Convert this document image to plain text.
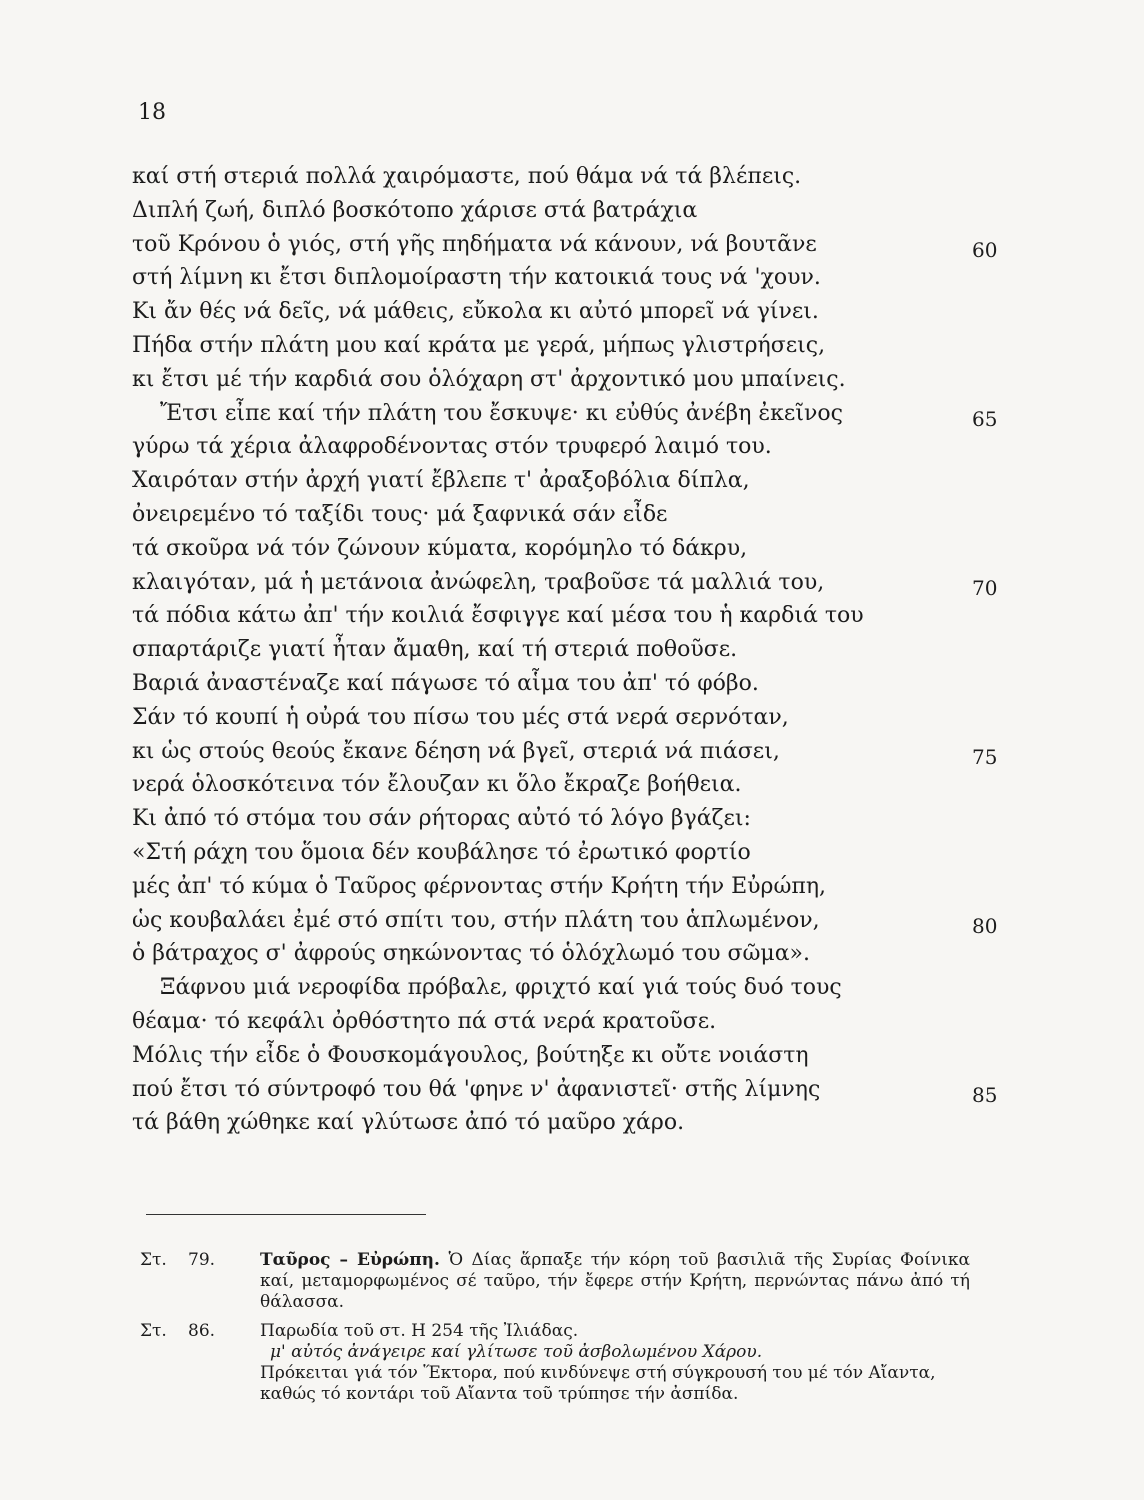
18
καί στή στεριά πολλά χαιρόμαστε, πού θάμα νά τά βλέπεις.
Διπλή ζωή, διπλό βοσκότοπο χάρισε στά βατράχια
τοῦ Κρόνου ὁ γιός, στή γῆς πηδήματα νά κάνουν, νά βουτᾶνε	60
στή λίμνη κι ἔτσι διπλομοίραστη τήν κατοικιά τους νά 'χουν.
Κι ἄν θές νά δεῖς, νά μάθεις, εὔκολα κι αὐτό μπορεῖ νά γίνει.
Πήδα στήν πλάτη μου καί κράτα με γερά, μήπως γλιστρήσεις,
κι ἔτσι μέ τήν καρδιά σου ὁλόχαρη στ' ἀρχοντικό μου μπαίνεις.
Ἔτσι εἶπε καί τήν πλάτη του ἔσκυψε· κι εὐθύς ἀνέβη ἐκεῖνος	65
γύρω τά χέρια ἀλαφροδένοντας στόν τρυφερό λαιμό του.
Χαιρόταν στήν ἀρχή γιατί ἔβλεπε τ' ἀραξοβόλια δίπλα,
ὀνειρεμένο τό ταξίδι τους· μά ξαφνικά σάν εἶδε
τά σκοῦρα νά τόν ζώνουν κύματα, κορόμηλο τό δάκρυ,
κλαιγόταν, μά ἡ μετάνοια ἀνώφελη, τραβοῦσε τά μαλλιά του,	70
τά πόδια κάτω ἀπ' τήν κοιλιά ἔσφιγγε καί μέσα του ἡ καρδιά του
σπαρτάριζε γιατί ἦταν ἄμαθη, καί τή στεριά ποθοῦσε.
Βαριά ἀναστέναζε καί πάγωσε τό αἷμα του ἀπ' τό φόβο.
Σάν τό κουπί ἡ οὐρά του πίσω του μές στά νερά σερνόταν,
κι ὡς στούς θεούς ἔκανε δέηση νά βγεῖ, στεριά νά πιάσει,	75
νερά ὁλοσκότεινα τόν ἔλουζαν κι ὅλο ἔκραζε βοήθεια.
Κι ἀπό τό στόμα του σάν ρήτορας αὐτό τό λόγο βγάζει:
«Στή ράχη του ὅμοια δέν κουβάλησε τό ἐρωτικό φορτίο
μές ἀπ' τό κύμα ὁ Ταῦρος φέρνοντας στήν Κρήτη τήν Εὐρώπη,
ὡς κουβαλάει ἐμέ στό σπίτι του, στήν πλάτη του ἁπλωμένον,	80
ὁ βάτραχος σ' ἀφρούς σηκώνοντας τό ὁλόχλωμό του σῶμα».
Ξάφνου μιά νεροφίδα πρόβαλε, φριχτό καί γιά τούς δυό τους
θέαμα· τό κεφάλι ὀρθόστητο πά στά νερά κρατοῦσε.
Μόλις τήν εἶδε ὁ Φουσκομάγουλος, βούτηξε κι οὔτε νοιάστη
πού ἔτσι τό σύντροφό του θά 'φηνε ν' ἀφανιστεῖ· στῆς λίμνης	85
τά βάθη χώθηκε καί γλύτωσε ἀπό τό μαῦρο χάρο.
Στ.	79.	Ταῦρος – Εὐρώπη. Ὁ Δίας ἅρπαξε τήν κόρη τοῦ βασιλιᾶ τῆς Συρίας Φοίνικα καί, μεταμορφωμένος σέ ταῦρο, τήν ἔφερε στήν Κρήτη, περνώντας πάνω ἀπό τή θάλασσα.
Στ.	86.	Παρωδία τοῦ στ. Η 254 τῆς Ἰλιάδας.
μ' αὐτός ἀνάγειρε καί γλίτωσε τοῦ ἀσβολωμένου Χάρου.
Πρόκειται γιά τόν Ἕκτορα, πού κινδύνεψε στή σύγκρουσή του μέ τόν Αἴαντα, καθώς τό κοντάρι τοῦ Αἴαντα τοῦ τρύπησε τήν ἀσπίδα.
